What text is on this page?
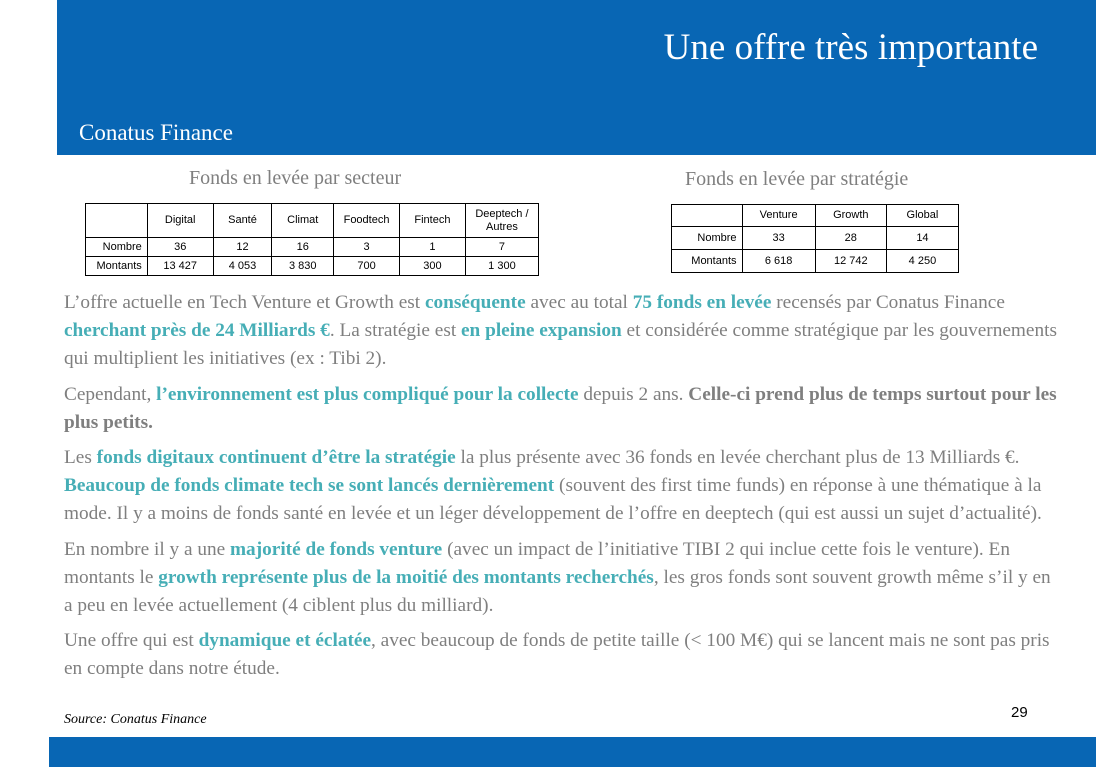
Une offre très importante
Conatus Finance
Fonds en levée par secteur
	Digital	Santé	Climat	Foodtech	Fintech	Deeptech / Autres
Nombre	36	12	16	3	1	7
Montants	13 427	4 053	3 830	700	300	1 300
Fonds en levée par stratégie
	Venture	Growth	Global
Nombre	33	28	14
Montants	6 618	12 742	4 250

L’offre actuelle en Tech Venture et Growth est conséquente avec au total 75 fonds en levée recensés par Conatus Finance cherchant près de 24 Milliards €. La stratégie est en pleine expansion et considérée comme stratégique par les gouvernements qui multiplient les initiatives (ex : Tibi 2).

Cependant, l’environnement est plus compliqué pour la collecte depuis 2 ans. Celle-ci prend plus de temps surtout pour les plus petits.

Les fonds digitaux continuent d’être la stratégie la plus présente avec 36 fonds en levée cherchant plus de 13 Milliards €. Beaucoup de fonds climate tech se sont lancés dernièrement (souvent des first time funds) en réponse à une thématique à la mode. Il y a moins de fonds santé en levée et un léger développement de l’offre en deeptech (qui est aussi un sujet d’actualité).

En nombre il y a une majorité de fonds venture (avec un impact de l’initiative TIBI 2 qui inclue cette fois le venture). En montants le growth représente plus de la moitié des montants recherchés, les gros fonds sont souvent growth même s’il y en a peu en levée actuellement (4 ciblent plus du milliard).

Une offre qui est dynamique et éclatée, avec beaucoup de fonds de petite taille (< 100 M€) qui se lancent mais ne sont pas pris en compte dans notre étude.

Source: Conatus Finance	29
